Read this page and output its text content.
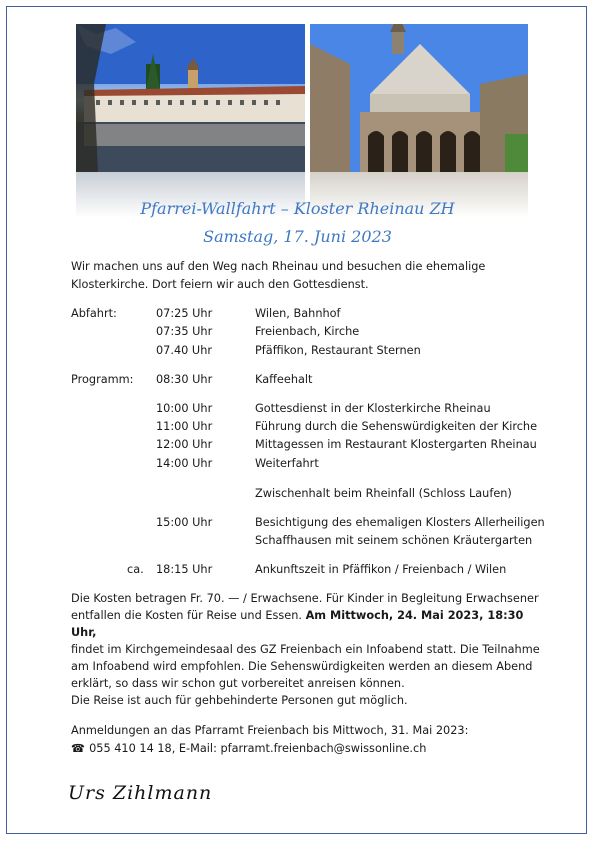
Pfarrei-Wallfahrt – Kloster Rheinau ZH
Samstag, 17. Juni 2023
Wir machen uns auf den Weg nach Rheinau und besuchen die ehemalige
Klosterkirche. Dort feiern wir auch den Gottesdienst.
Abfahrt:	07:25 Uhr	Wilen, Bahnhof
07:35 Uhr	Freienbach, Kirche
07.40 Uhr	Pfäffikon, Restaurant Sternen
Programm: 08:30 Uhr	Kaffeehalt
10:00 Uhr	Gottesdienst in der Klosterkirche Rheinau
11:00 Uhr	Führung durch die Sehenswürdigkeiten der Kirche
12:00 Uhr	Mittagessen im Restaurant Klostergarten Rheinau
14:00 Uhr	Weiterfahrt
Zwischenhalt beim Rheinfall (Schloss Laufen)
15:00 Uhr	Besichtigung des ehemaligen Klosters Allerheiligen
Schaffhausen mit seinem schönen Kräutergarten
ca. 18:15 Uhr	Ankunftszeit in Pfäffikon / Freienbach / Wilen
Die Kosten betragen Fr. 70. — / Erwachsene. Für Kinder in Begleitung Erwachsener
entfallen die Kosten für Reise und Essen. Am Mittwoch, 24. Mai 2023, 18:30 Uhr,
findet im Kirchgemeindesaal des GZ Freienbach ein Infoabend statt. Die Teilnahme
am Infoabend wird empfohlen. Die Sehenswürdigkeiten werden an diesem Abend
erklärt, so dass wir schon gut vorbereitet anreisen können.
Die Reise ist auch für gehbehinderte Personen gut möglich.
Anmeldungen an das Pfarramt Freienbach bis Mittwoch, 31. Mai 2023:
☎ 055 410 14 18, E-Mail: pfarramt.freienbach@swissonline.ch
Urs Zihlmann
